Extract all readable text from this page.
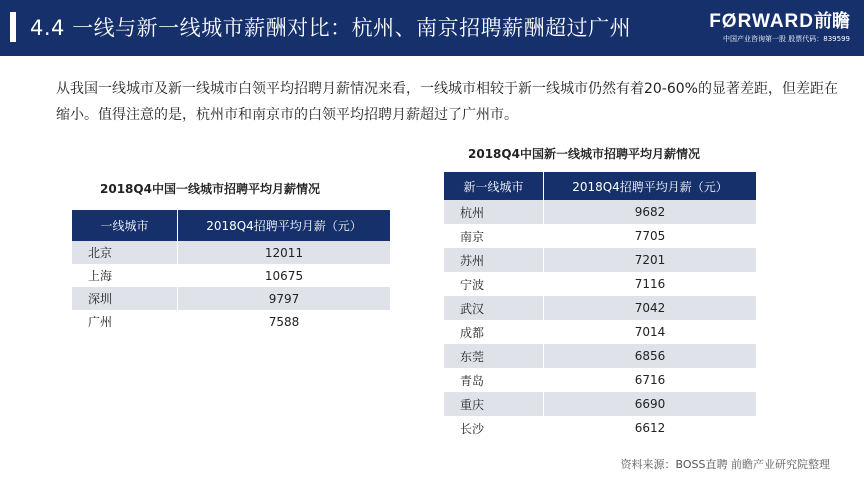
4.4 一线与新一线城市薪酬对比：杭州、南京招聘薪酬超过广州	FØRWARD前瞻
中国产业咨询第一股 股票代码：839599
从我国一线城市及新一线城市白领平均招聘月薪情况来看，一线城市相较于新一线城市仍然有着20-60%的显著差距，但差距在缩小。值得注意的是，杭州市和南京市的白领平均招聘月薪超过了广州市。
2018Q4中国一线城市招聘平均月薪情况
一线城市	2018Q4招聘平均月薪（元）
北京	12011
上海	10675
深圳	9797
广州	7588
2018Q4中国新一线城市招聘平均月薪情况
新一线城市	2018Q4招聘平均月薪（元）
杭州	9682
南京	7705
苏州	7201
宁波	7116
武汉	7042
成都	7014
东莞	6856
青岛	6716
重庆	6690
长沙	6612
资料来源：BOSS直聘 前瞻产业研究院整理
